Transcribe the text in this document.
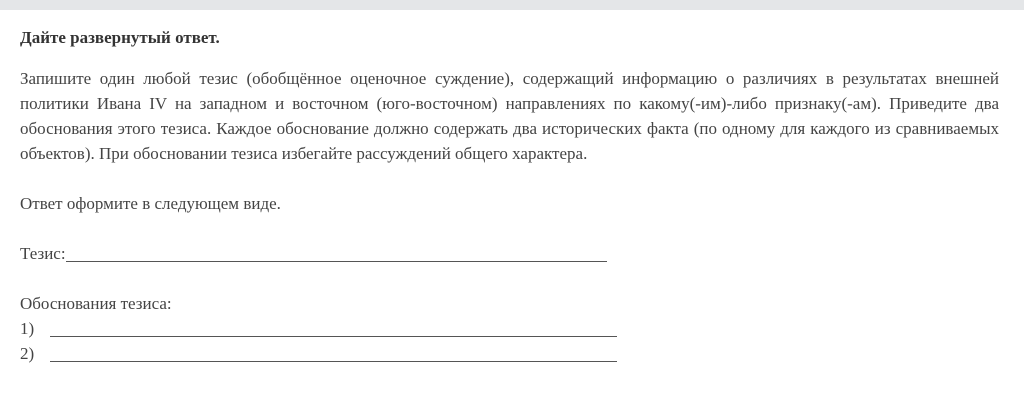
Дайте развернутый ответ.
Запишите один любой тезис (обобщённое оценочное суждение), содержащий информацию о различиях в результатах внешней политики Ивана IV на западном и восточном (юго-восточном) направлениях по какому(-им)-либо признаку(-ам). Приведите два обоснования этого тезиса. Каждое обоснование должно содержать два исторических факта (по одному для каждого из сравниваемых объектов). При обосновании тезиса избегайте рассуждений общего характера.
Ответ оформите в следующем виде.
Тезис:
Обоснования тезиса:
1)
2)
